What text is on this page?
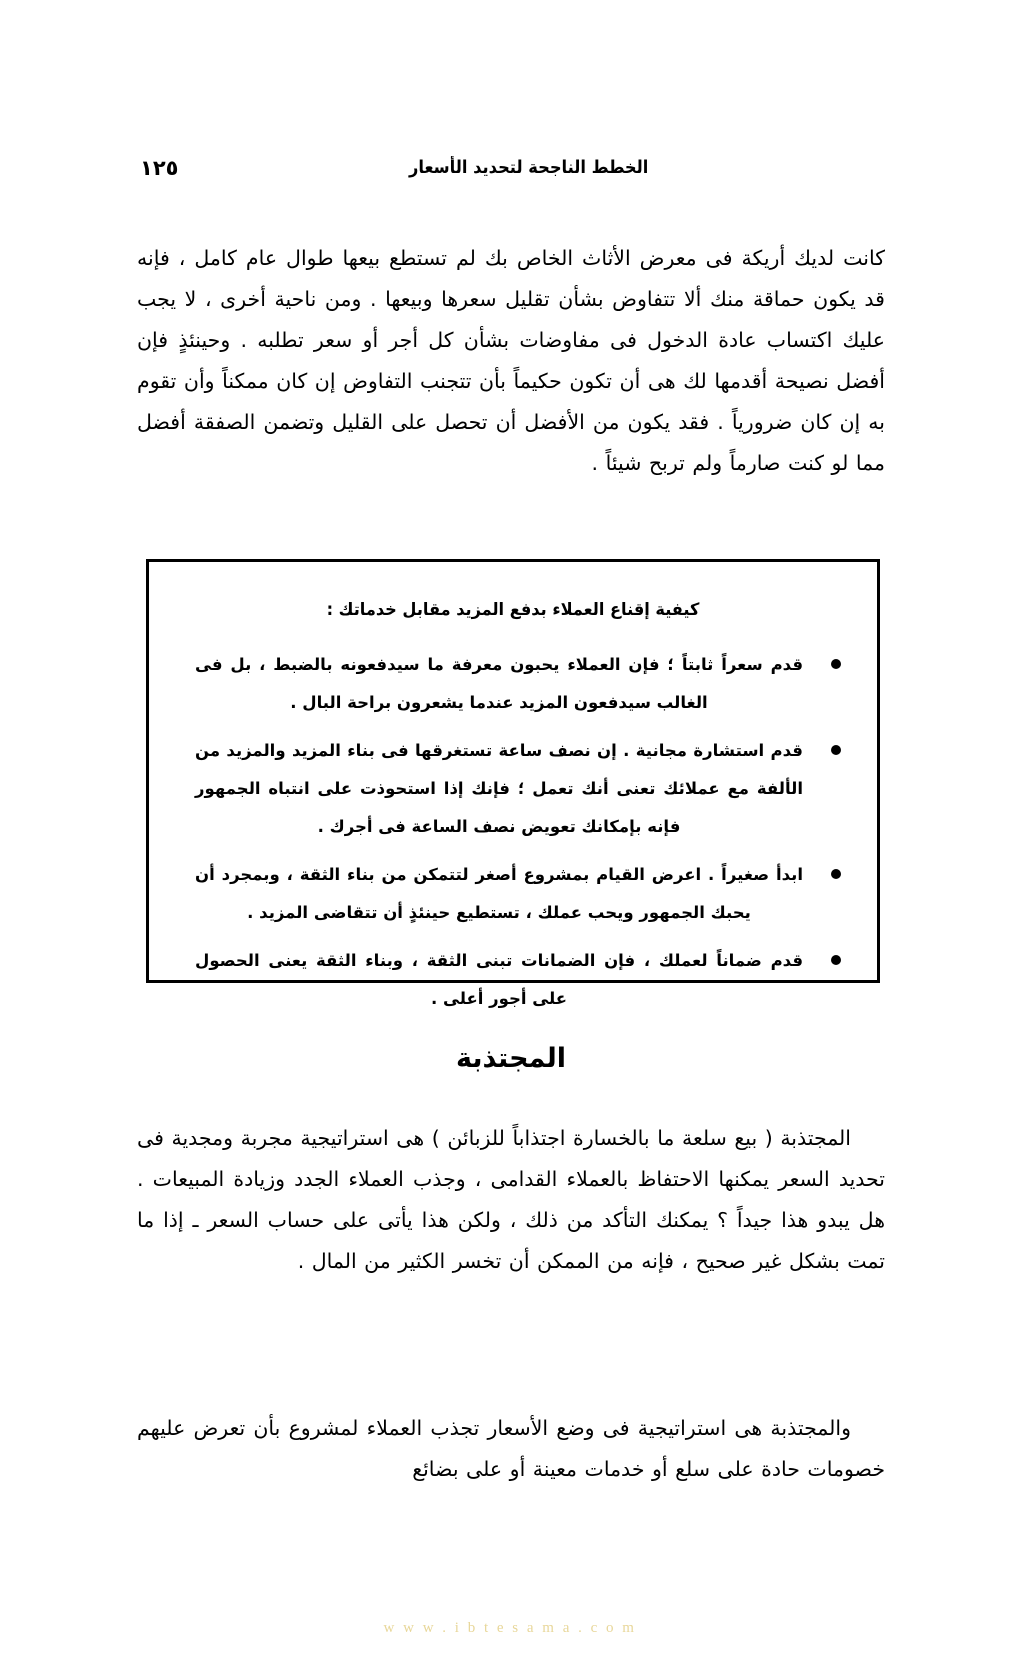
الخطط الناجحة لتحديد الأسعار
١٢٥

كانت لديك أريكة فى معرض الأثاث الخاص بك لم تستطع بيعها طوال عام كامل ، فإنه قد يكون حماقة منك ألا تتفاوض بشأن تقليل سعرها وبيعها . ومن ناحية أخرى ، لا يجب عليك اكتساب عادة الدخول فى مفاوضات بشأن كل أجر أو سعر تطلبه . وحينئذٍ فإن أفضل نصيحة أقدمها لك هى أن تكون حكيماً بأن تتجنب التفاوض إن كان ممكناً وأن تقوم به إن كان ضرورياً . فقد يكون من الأفضل أن تحصل على القليل وتضمن الصفقة أفضل مما لو كنت صارماً ولم تربح شيئاً .

كيفية إقناع العملاء بدفع المزيد مقابل خدماتك :
قدم سعراً ثابتاً ؛ فإن العملاء يحبون معرفة ما سيدفعونه بالضبط ، بل فى الغالب سيدفعون المزيد عندما يشعرون براحة البال .
قدم استشارة مجانية . إن نصف ساعة تستغرقها فى بناء المزيد والمزيد من الألفة مع عملائك تعنى أنك تعمل ؛ فإنك إذا استحوذت على انتباه الجمهور فإنه بإمكانك تعويض نصف الساعة فى أجرك .
ابدأ صغيراً . اعرض القيام بمشروع أصغر لتتمكن من بناء الثقة ، وبمجرد أن يحبك الجمهور ويحب عملك ، تستطيع حينئذٍ أن تتقاضى المزيد .
قدم ضماناً لعملك ، فإن الضمانات تبنى الثقة ، وبناء الثقة يعنى الحصول على أجور أعلى .
المجتذبة

المجتذبة ( بيع سلعة ما بالخسارة اجتذاباً للزبائن ) هى استراتيجية مجربة ومجدية فى تحديد السعر يمكنها الاحتفاظ بالعملاء القدامى ، وجذب العملاء الجدد وزيادة المبيعات . هل يبدو هذا جيداً ؟ يمكنك التأكد من ذلك ، ولكن هذا يأتى على حساب السعر ـ إذا ما تمت بشكل غير صحيح ، فإنه من الممكن أن تخسر الكثير من المال .

والمجتذبة هى استراتيجية فى وضع الأسعار تجذب العملاء لمشروع بأن تعرض عليهم خصومات حادة على سلع أو خدمات معينة أو على بضائع

w w w . i b t e s a m a . c o m
